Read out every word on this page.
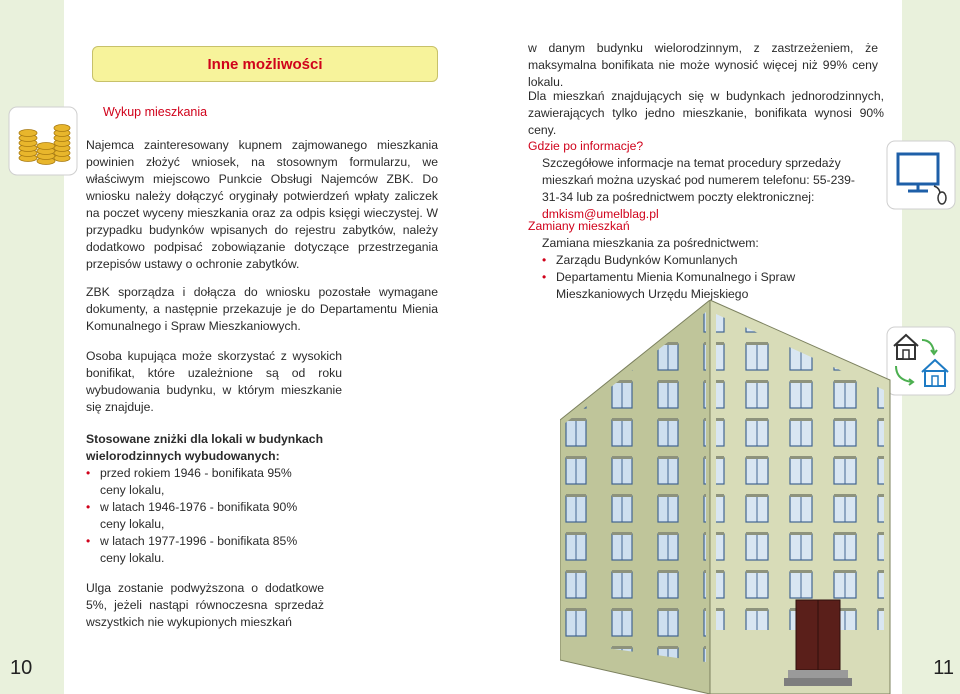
Inne możliwości
Wykup mieszkania

Najemca zainteresowany kupnem zajmowanego mieszkania powinien złożyć wniosek, na stosownym formularzu, we właściwym miejscowo Punkcie Obsługi Najemców ZBK. Do wniosku należy dołączyć oryginały potwierdzeń wpłaty zaliczek na poczet wyceny mieszkania oraz za odpis księgi wieczystej. W przypadku budynków wpisanych do rejestru zabytków, należy dodatkowo podpisać zobowiązanie dotyczące przestrzegania przepisów ustawy o ochronie zabytków.

ZBK sporządza i dołącza do wniosku pozostałe wymagane dokumenty, a następnie przekazuje je do Departamentu Mienia Komunalnego i Spraw Mieszkaniowych.

Osoba kupująca może skorzystać z wysokich bonifikat, które uzależnione są od roku wybudowania budynku, w którym mieszkanie się znajduje.

Stosowane zniżki dla lokali w budynkach wielorodzinnych wybudowanych:

• przed rokiem 1946 - bonifikata 95% ceny lokalu,
• w latach 1946-1976 - bonifikata 90% ceny lokalu,
• w latach 1977-1996 - bonifikata 85% ceny lokalu.

Ulga zostanie podwyższona o dodatkowe 5%, jeżeli nastąpi równoczesna sprzedaż wszystkich nie wykupionych mieszkań

10

w danym budynku wielorodzinnym, z zastrzeżeniem, że maksymalna bonifikata nie może wynosić więcej niż 99% ceny lokalu.

Dla mieszkań znajdujących się w budynkach jednorodzinnych, zawierających tylko jedno mieszkanie, bonifikata wynosi 90% ceny.

Gdzie po informacje?

Szczegółowe informacje na temat procedury sprzedaży mieszkań można uzyskać pod numerem telefonu: 55-239-31-34 lub za pośrednictwem poczty elektronicznej: dmkism@umelblag.pl

Zamiany mieszkań

Zamiana mieszkania za pośrednictwem:

• Zarządu Budynków Komunlanych
• Departamentu Mienia Komunalnego i Spraw Mieszkaniowych Urzędu Miejskiego
11
